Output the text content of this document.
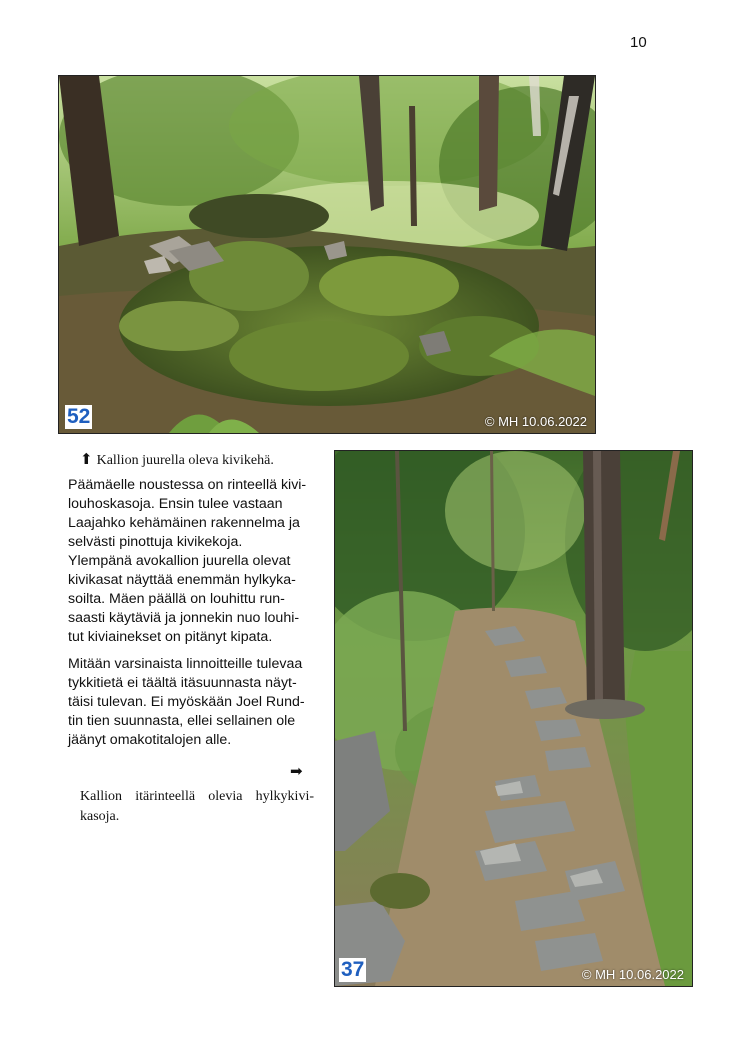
10
52	© MH 10.06.2022
⬆ Kallion juurella oleva kivikehä.
Päämäelle noustessa on rinteellä kivi-
louhoskasoja. Ensin tulee vastaan
Laajahko kehämäinen rakennelma ja
selvästi pinottuja kivikekoja.
Ylempänä avokallion juurella olevat
kivikasat näyttää enemmän hylkyka-
soilta. Mäen päällä on louhittu run-
saasti käytäviä ja jonnekin nuo louhi-
tut kiviainekset on pitänyt kipata.
Mitään varsinaista linnoitteille tulevaa
tykkitietä ei täältä itäsuunnasta näyt-
täisi tulevan. Ei myöskään Joel Rund-
tin tien suunnasta, ellei sellainen ole
jäänyt omakotitalojen alle.
➡
Kallion itärinteellä olevia hylkykivi-kasoja.
37	© MH 10.06.2022
